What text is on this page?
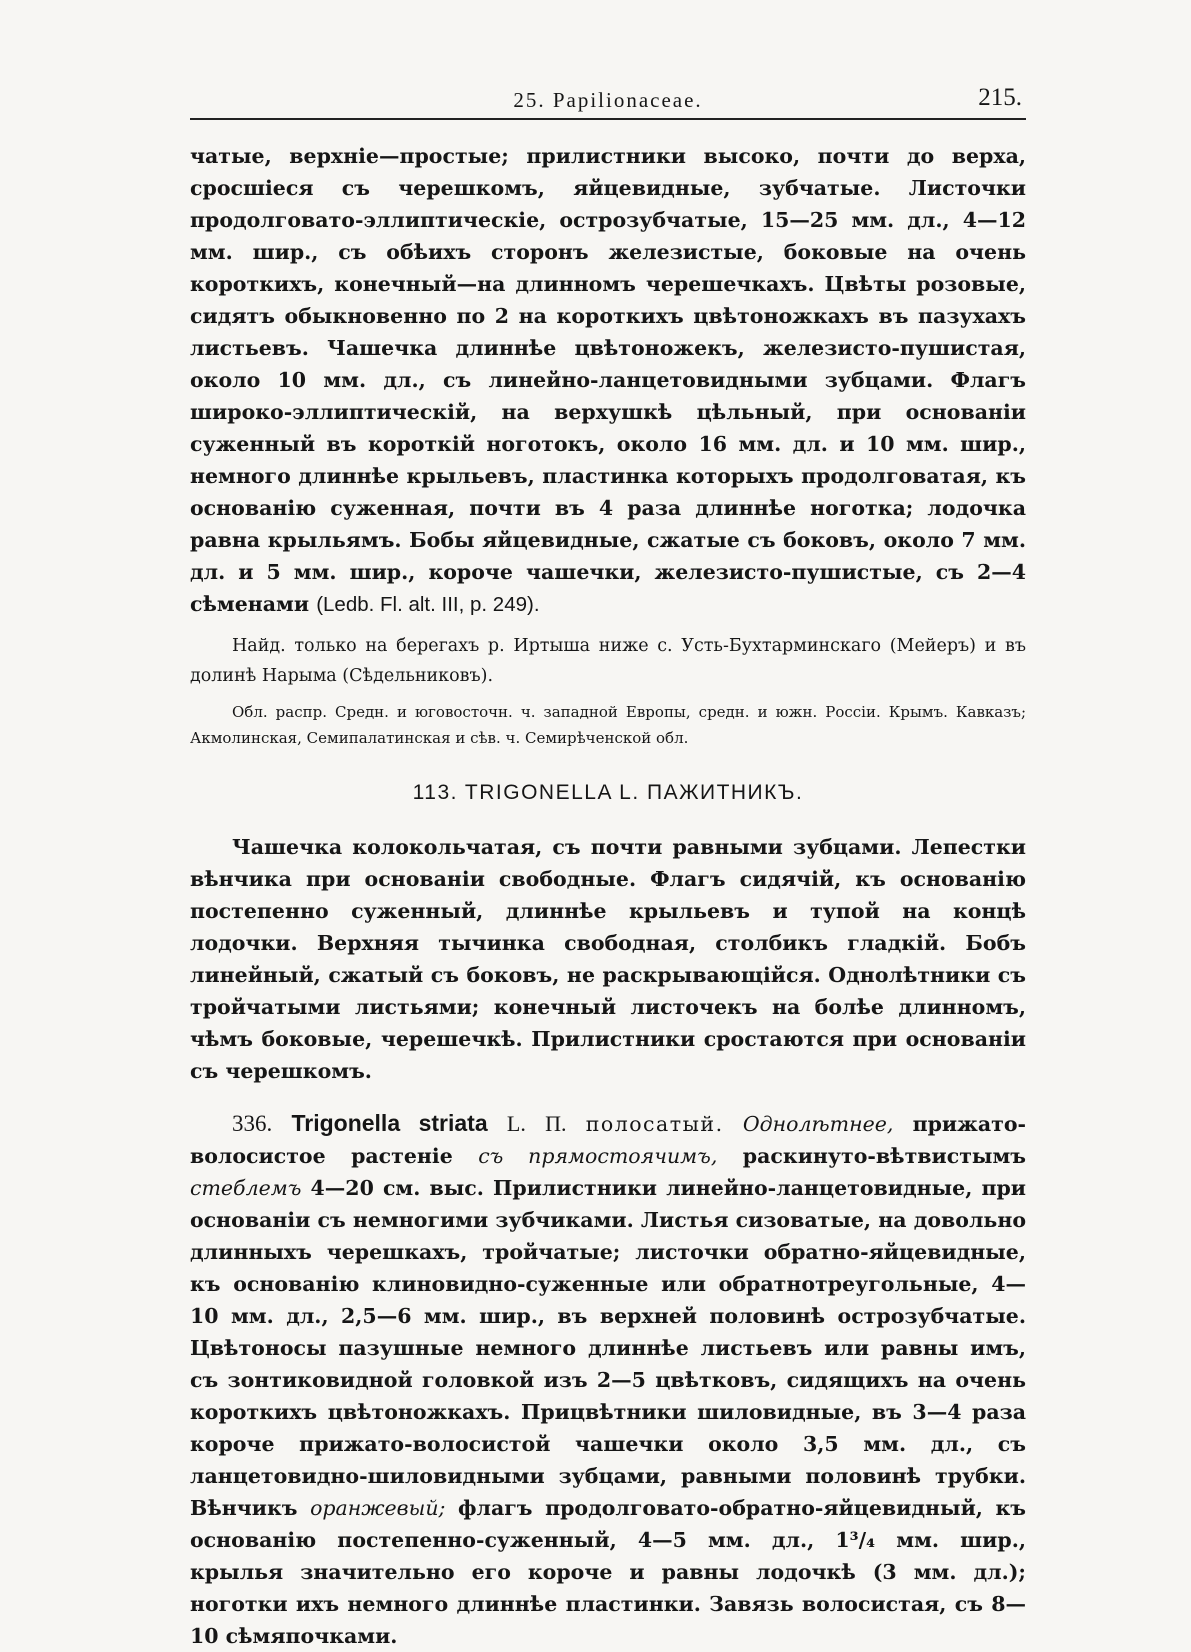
25. Papilionaceae.	215.

чатые, верхніе—простые; прилистники высоко, почти до верха, сросшіеся съ черешкомъ, яйцевидные, зубчатые. Листочки продолговато-эллиптическіе, острозубчатые, 15—25 мм. дл., 4—12 мм. шир., съ обѣихъ сторонъ железистые, боковые на очень короткихъ, конечный—на длинномъ черешечкахъ. Цвѣты розовые, сидятъ обыкновенно по 2 на короткихъ цвѣтоножкахъ въ пазухахъ листьевъ. Чашечка длиннѣе цвѣтоножекъ, железисто-пушистая, около 10 мм. дл., съ линейно-ланцетовидными зубцами. Флагъ широко-эллиптическій, на верхушкѣ цѣльный, при основаніи суженный въ короткій ноготокъ, около 16 мм. дл. и 10 мм. шир., немного длиннѣе крыльевъ, пластинка которыхъ продолговатая, къ основанію суженная, почти въ 4 раза длиннѣе ноготка; лодочка равна крыльямъ. Бобы яйцевидные, сжатые съ боковъ, около 7 мм. дл. и 5 мм. шир., короче чашечки, железисто-пушистые, съ 2—4 сѣменами (Ledb. Fl. alt. III, p. 249).

Найд. только на берегахъ р. Иртыша ниже с. Усть-Бухтарминскаго (Мейеръ) и въ долинѣ Нарыма (Сѣдельниковъ).

Обл. распр. Средн. и юговосточн. ч. западной Европы, средн. и южн. Россіи. Крымъ. Кавказъ; Акмолинская, Семипалатинская и сѣв. ч. Семирѣченской обл.

113. TRIGONELLA L. ПАЖИТНИКЪ.

Чашечка колокольчатая, съ почти равными зубцами. Лепестки вѣнчика при основаніи свободные. Флагъ сидячій, къ основанію постепенно суженный, длиннѣе крыльевъ и тупой на концѣ лодочки. Верхняя тычинка свободная, столбикъ гладкій. Бобъ линейный, сжатый съ боковъ, не раскрывающійся. Однолѣтники съ тройчатыми листьями; конечный листочекъ на болѣе длинномъ, чѣмъ боковые, черешечкѣ. Прилистники сростаются при основаніи съ черешкомъ.

336. Trigonella striata L. П. полосатый. Однолѣтнее, прижато-волосистое растеніе съ прямостоячимъ, раскинуто-вѣтвистымъ стеблемъ 4—20 см. выс. Прилистники линейно-ланцетовидные, при основаніи съ немногими зубчиками. Листья сизоватые, на довольно длинныхъ черешкахъ, тройчатые; листочки обратно-яйцевидные, къ основанію клиновидно-суженные или обратнотреугольные, 4—10 мм. дл., 2,5—6 мм. шир., въ верхней половинѣ острозубчатые. Цвѣтоносы пазушные немного длиннѣе листьевъ или равны имъ, съ зонтиковидной головкой изъ 2—5 цвѣтковъ, сидящихъ на очень короткихъ цвѣтоножкахъ. Прицвѣтники шиловидные, въ 3—4 раза короче прижато-волосистой чашечки около 3,5 мм. дл., съ ланцетовидно-шиловидными зубцами, равными половинѣ трубки. Вѣнчикъ оранжевый; флагъ продолговато-обратно-яйцевидный, къ основанію постепенно-суженный, 4—5 мм. дл., 1³/₄ мм. шир., крылья значительно его короче и равны лодочкѣ (3 мм. дл.); ноготки ихъ немного длиннѣе пластинки. Завязь волосистая, съ 8—10 сѣмяпочками.
